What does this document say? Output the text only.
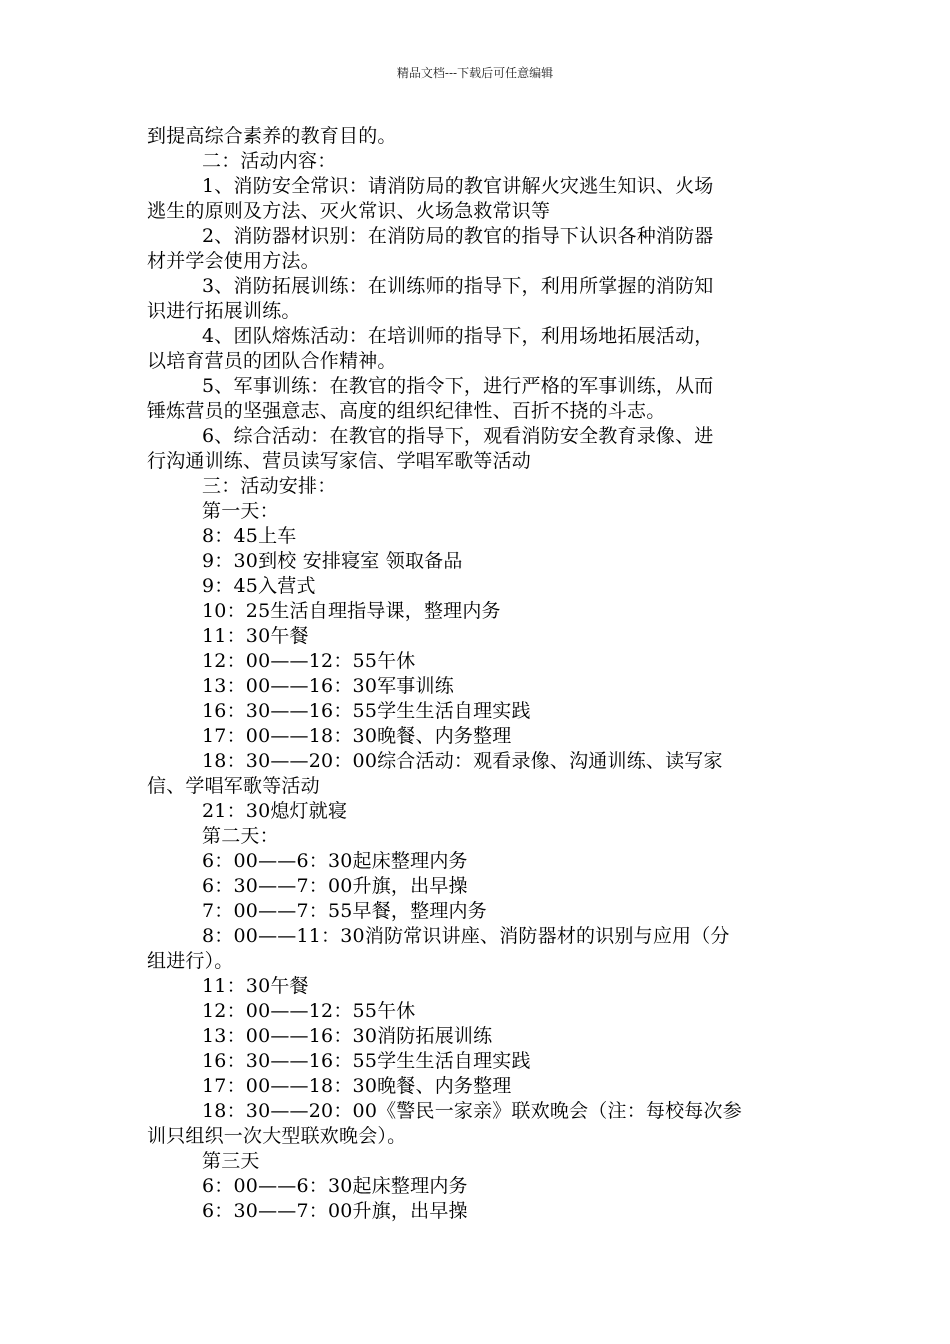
精品文档---下载后可任意编辑
到提高综合素养的教育目的。
二：活动内容：
1、消防安全常识：请消防局的教官讲解火灾逃生知识、火场
逃生的原则及方法、灭火常识、火场急救常识等
2、消防器材识别：在消防局的教官的指导下认识各种消防器
材并学会使用方法。
3、消防拓展训练：在训练师的指导下，利用所掌握的消防知
识进行拓展训练。
4、团队熔炼活动：在培训师的指导下，利用场地拓展活动，
以培育营员的团队合作精神。
5、军事训练：在教官的指令下，进行严格的军事训练，从而
锤炼营员的坚强意志、高度的组织纪律性、百折不挠的斗志。
6、综合活动：在教官的指导下，观看消防安全教育录像、进
行沟通训练、营员读写家信、学唱军歌等活动
三：活动安排：
第一天：
8：45上车
9：30到校 安排寝室 领取备品
9：45入营式
10：25生活自理指导课，整理内务
11：30午餐
12：00——12：55午休
13：00——16：30军事训练
16：30——16：55学生生活自理实践
17：00——18：30晚餐、内务整理
18：30——20：00综合活动：观看录像、沟通训练、读写家
信、学唱军歌等活动
21：30熄灯就寝
第二天：
6：00——6：30起床整理内务
6：30——7：00升旗，出早操
7：00——7：55早餐，整理内务
8：00——11：30消防常识讲座、消防器材的识别与应用（分
组进行）。
11：30午餐
12：00——12：55午休
13：00——16：30消防拓展训练
16：30——16：55学生生活自理实践
17：00——18：30晚餐、内务整理
18：30——20：00《警民一家亲》联欢晚会（注：每校每次参
训只组织一次大型联欢晚会）。
第三天
6：00——6：30起床整理内务
6：30——7：00升旗，出早操
